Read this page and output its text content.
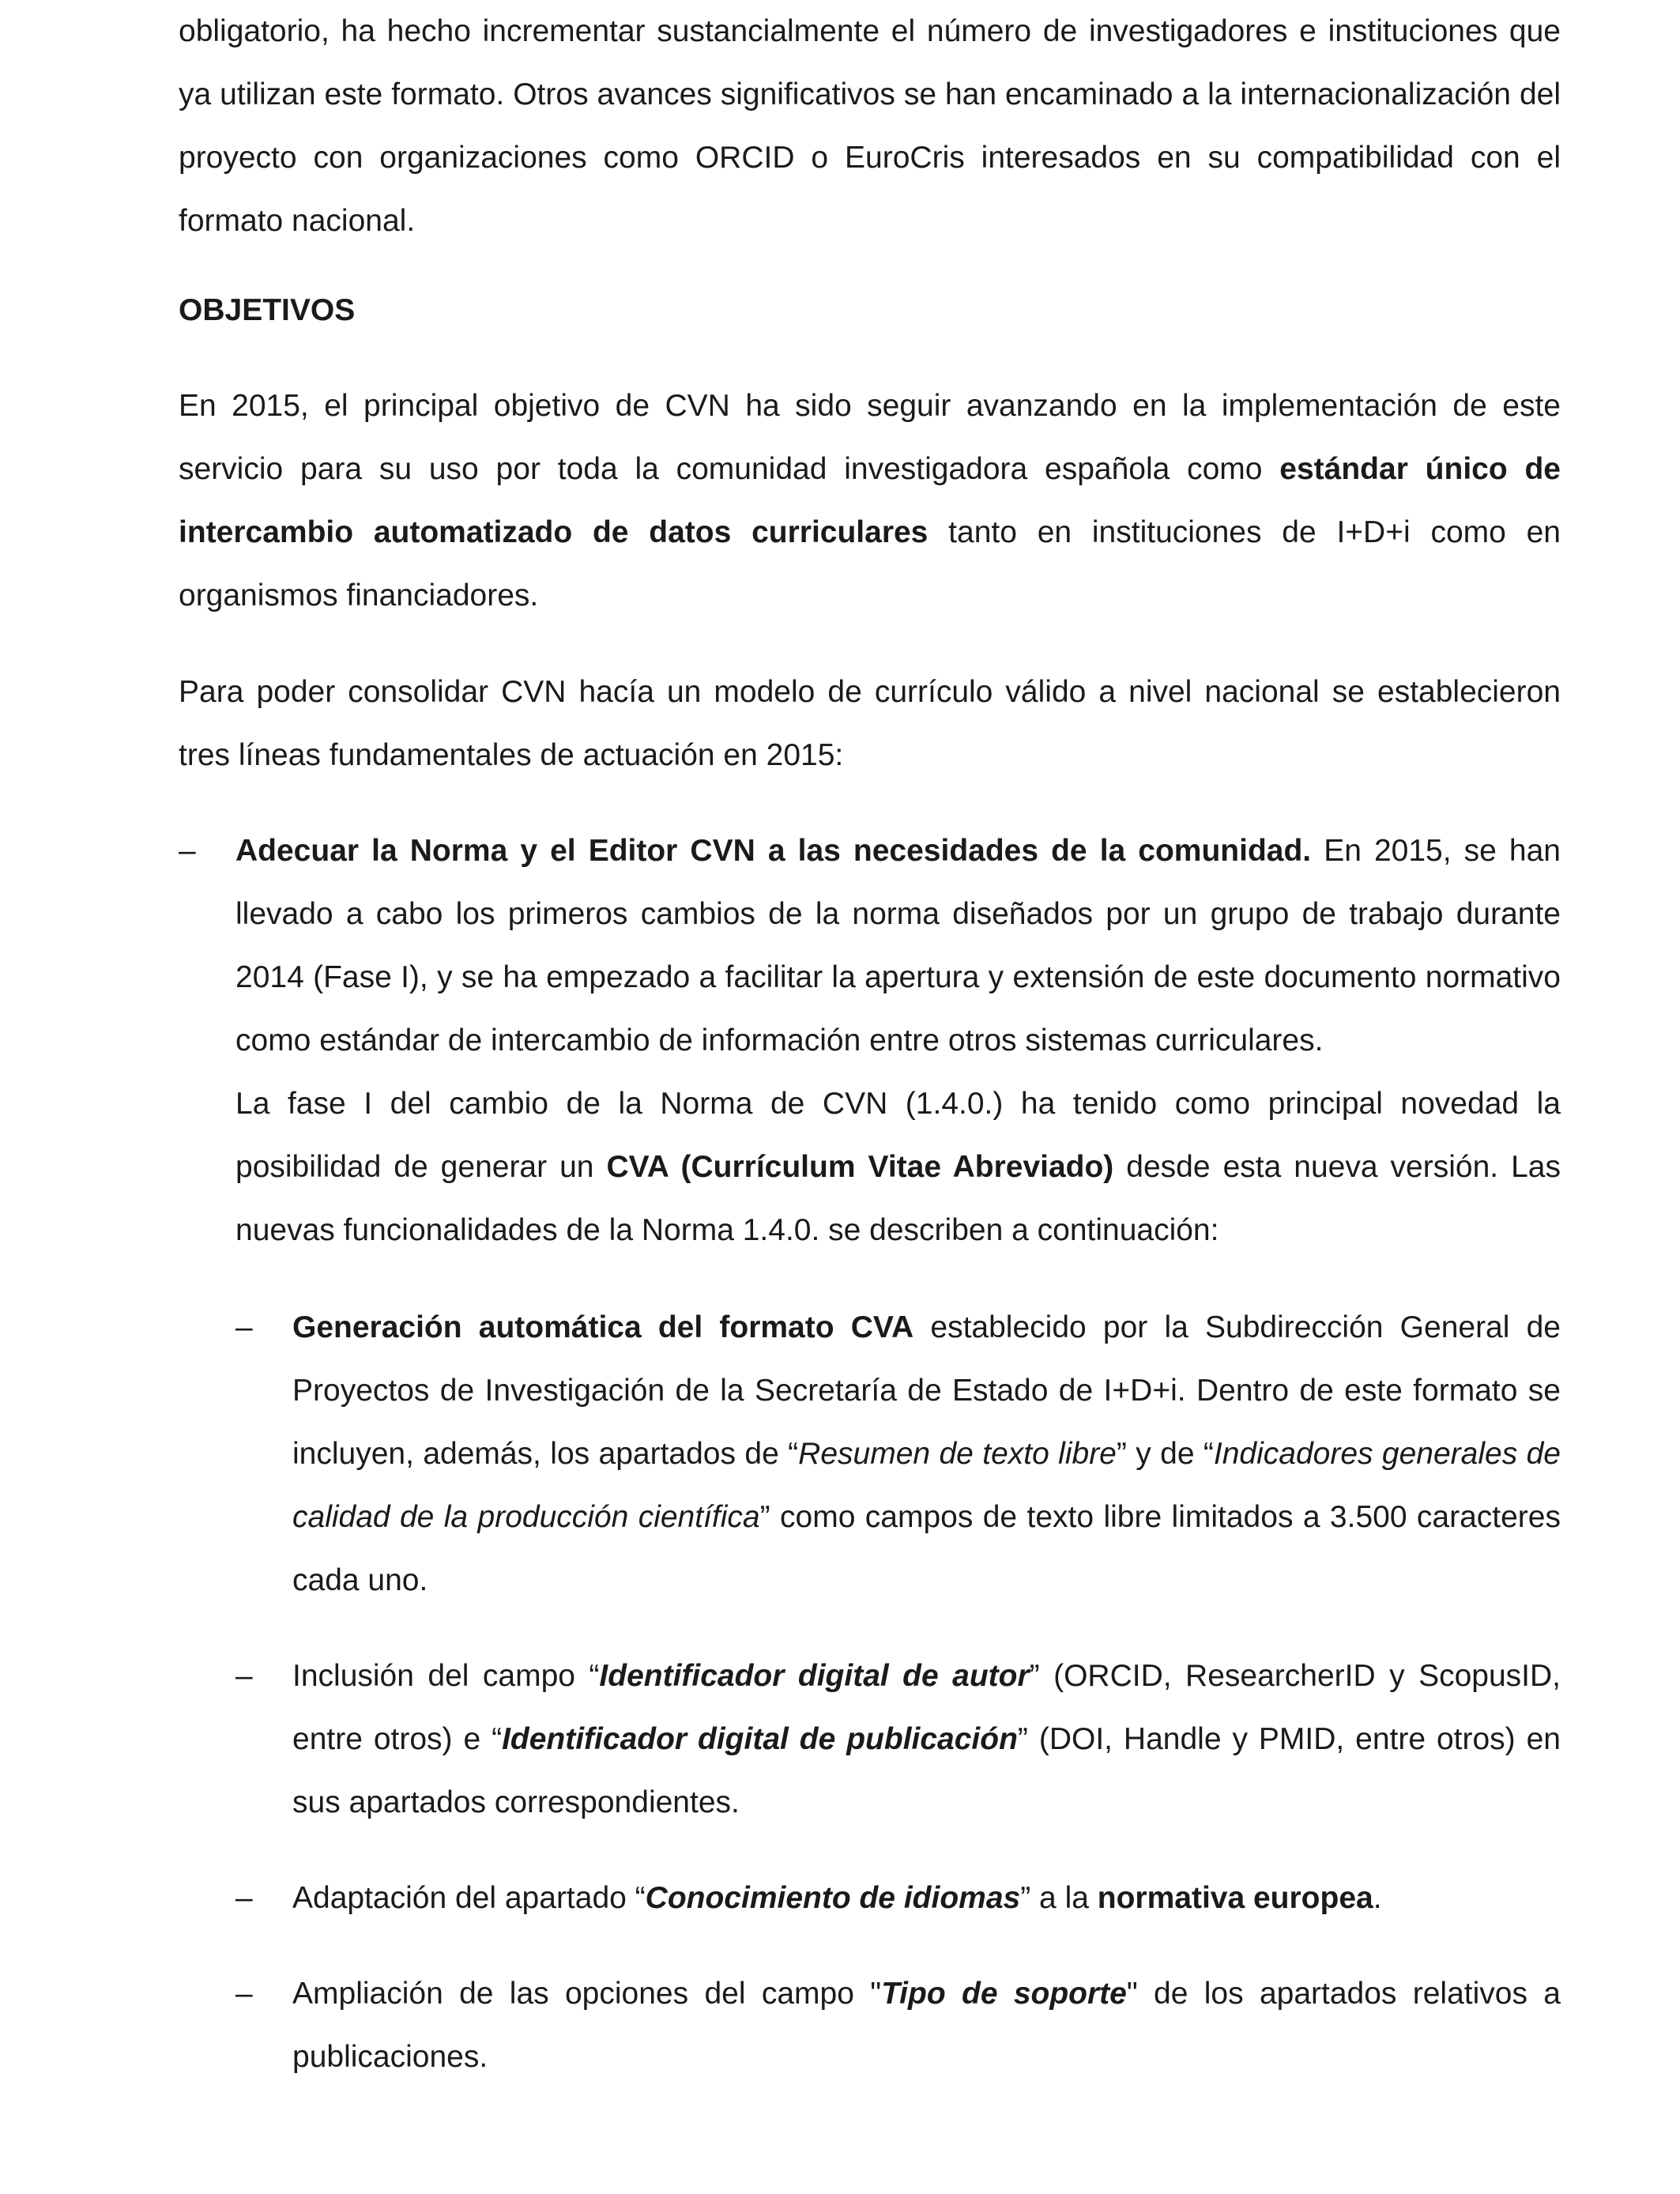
obligatorio, ha hecho incrementar sustancialmente el número de investigadores e instituciones que ya utilizan este formato. Otros avances significativos se han encaminado a la internacionalización del proyecto con organizaciones como ORCID o EuroCris interesados en su compatibilidad con el formato nacional.

OBJETIVOS

En 2015, el principal objetivo de CVN ha sido seguir avanzando en la implementación de este servicio para su uso por toda la comunidad investigadora española como estándar único de intercambio automatizado de datos curriculares tanto en instituciones de I+D+i como en organismos financiadores.

Para poder consolidar CVN hacía un modelo de currículo válido a nivel nacional se establecieron tres líneas fundamentales de actuación en 2015:

– Adecuar la Norma y el Editor CVN a las necesidades de la comunidad. En 2015, se han llevado a cabo los primeros cambios de la norma diseñados por un grupo de trabajo durante 2014 (Fase I), y se ha empezado a facilitar la apertura y extensión de este documento normativo como estándar de intercambio de información entre otros sistemas curriculares.

La fase I del cambio de la Norma de CVN (1.4.0.) ha tenido como principal novedad la posibilidad de generar un CVA (Currículum Vitae Abreviado) desde esta nueva versión. Las nuevas funcionalidades de la Norma 1.4.0. se describen a continuación:

– Generación automática del formato CVA establecido por la Subdirección General de Proyectos de Investigación de la Secretaría de Estado de I+D+i. Dentro de este formato se incluyen, además, los apartados de “Resumen de texto libre” y de “Indicadores generales de calidad de la producción científica” como campos de texto libre limitados a 3.500 caracteres cada uno.

– Inclusión del campo “Identificador digital de autor” (ORCID, ResearcherID y ScopusID, entre otros) e “Identificador digital de publicación” (DOI, Handle y PMID, entre otros) en sus apartados correspondientes.

– Adaptación del apartado “Conocimiento de idiomas” a la normativa europea.

– Ampliación de las opciones del campo "Tipo de soporte" de los apartados relativos a publicaciones.
